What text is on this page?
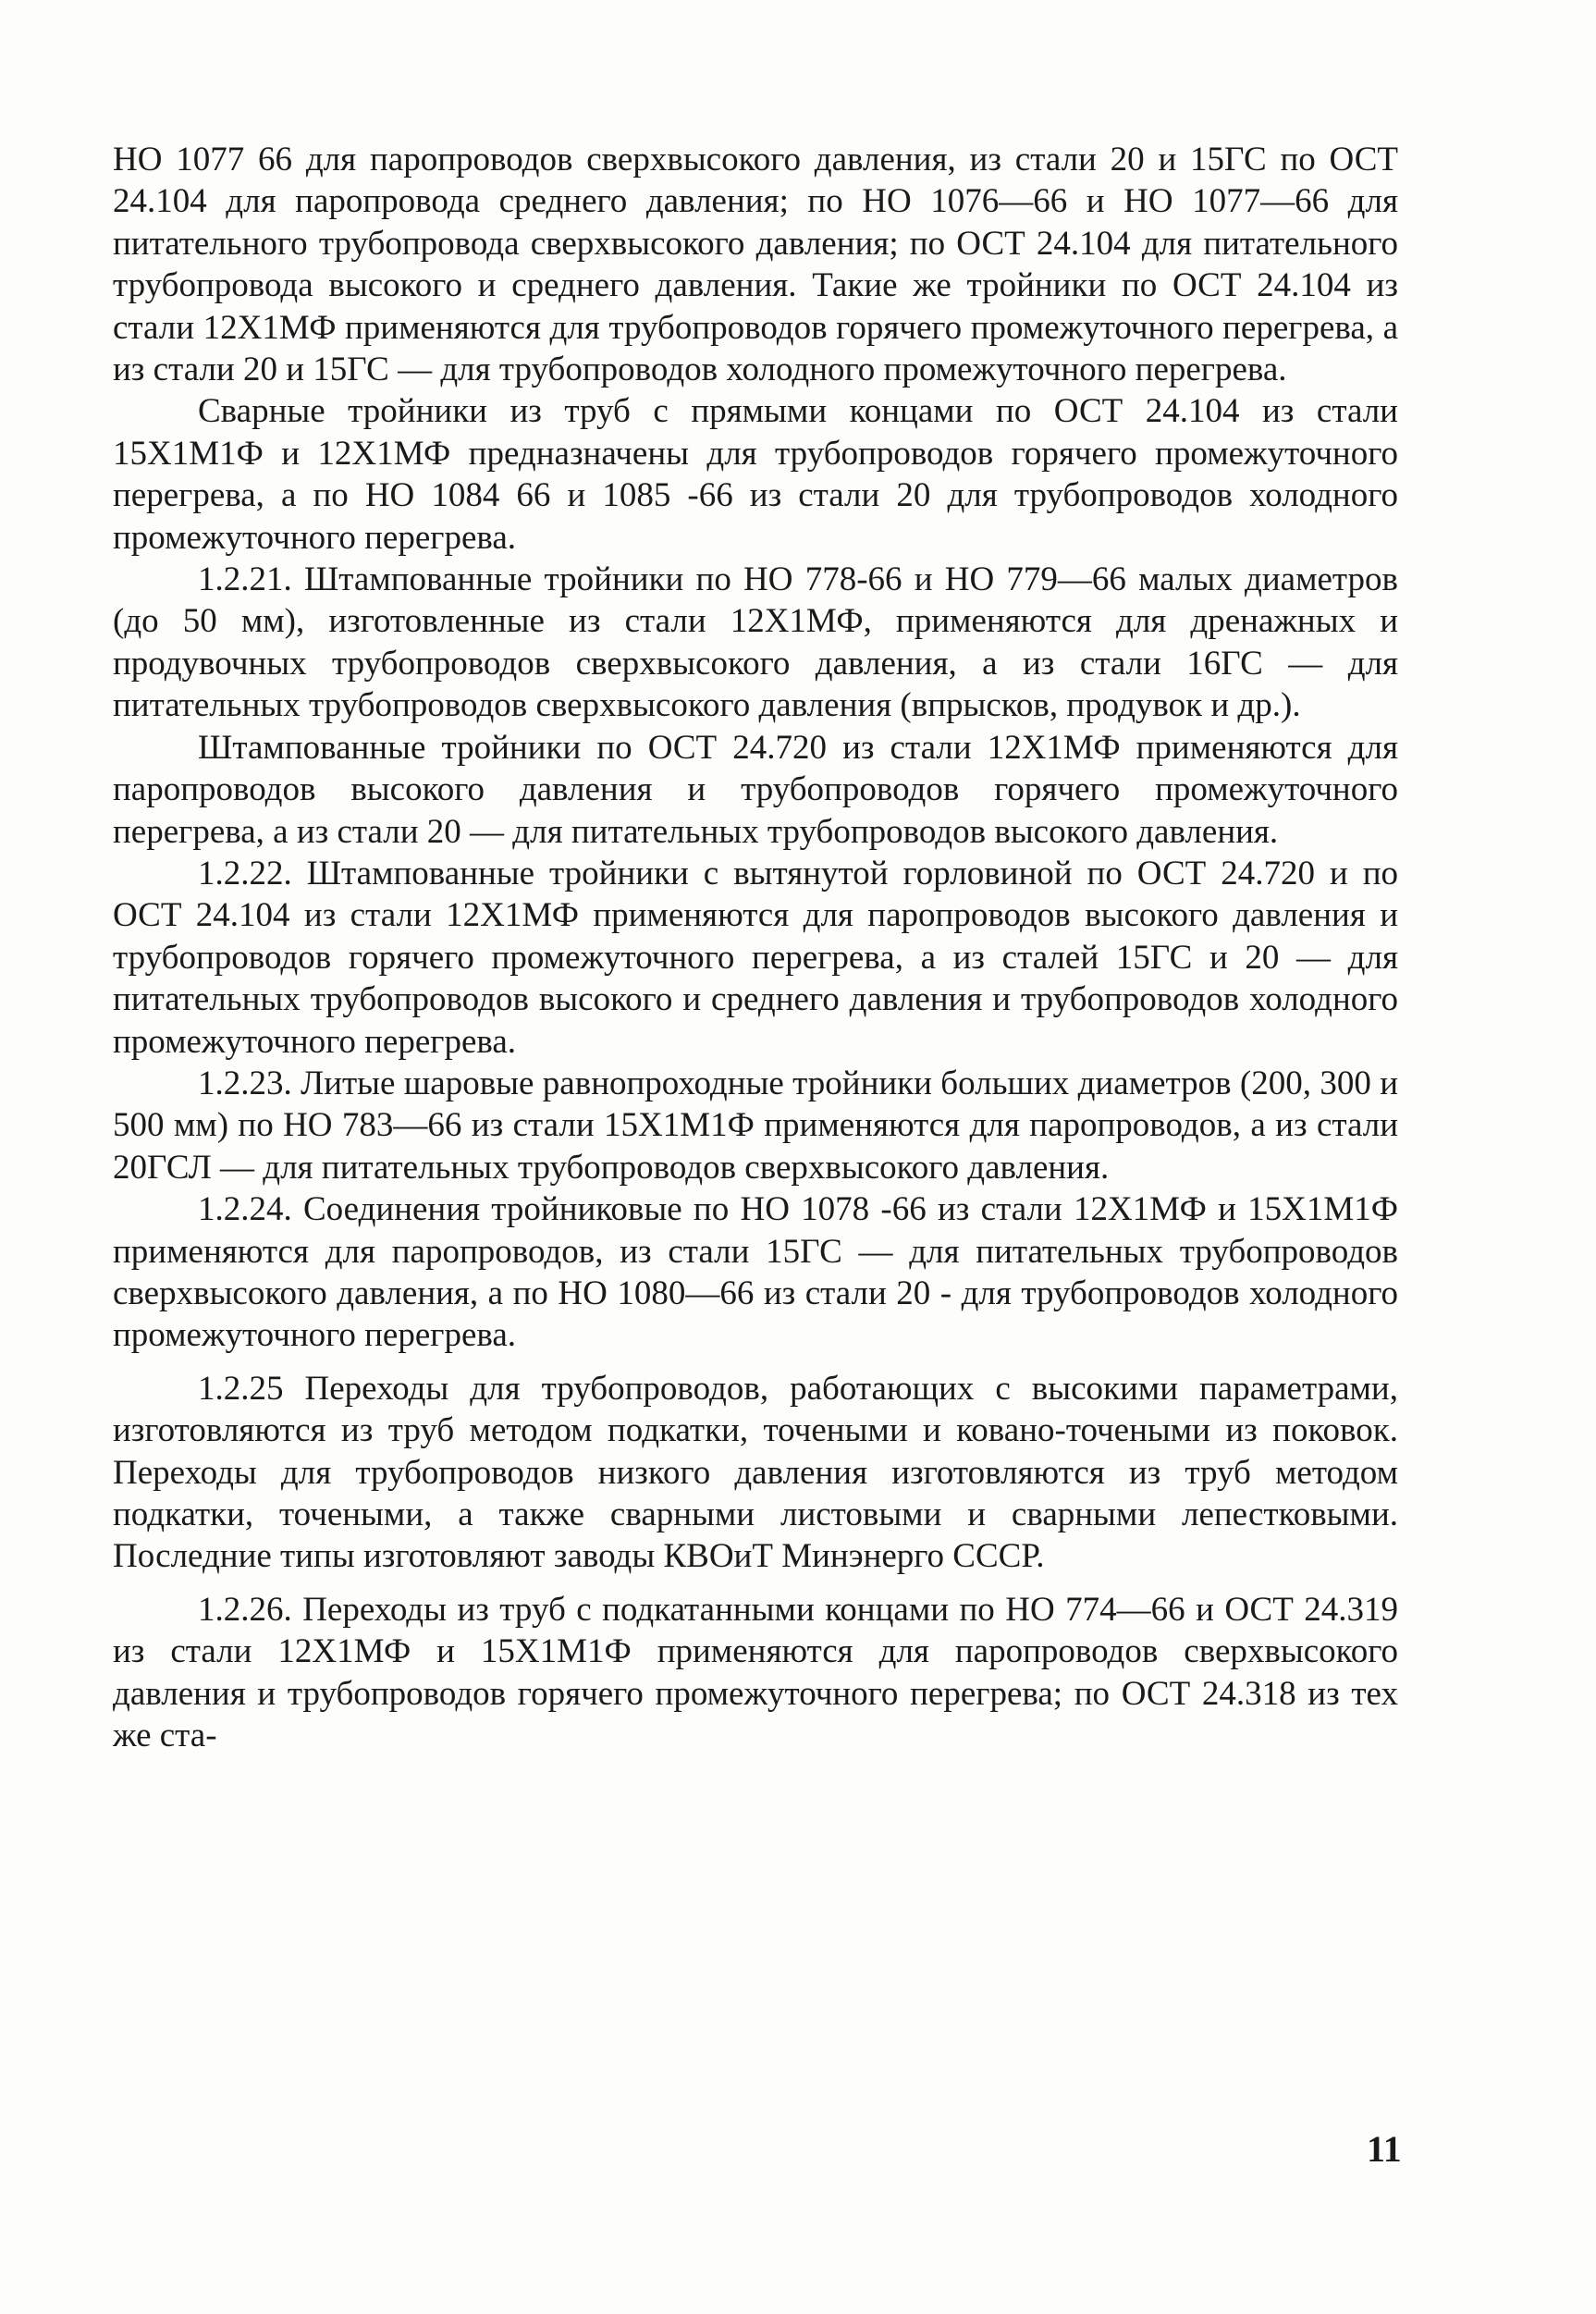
НО 1077 66 для паропроводов сверхвысокого давления, из стали 20 и 15ГС по ОСТ 24.104 для паропровода среднего давления; по НО 1076—66 и НО 1077—66 для питательного трубопровода сверхвысокого давления; по ОСТ 24.104 для питательного трубопровода высокого и среднего давления. Такие же тройники по ОСТ 24.104 из стали 12Х1МФ применяются для трубопроводов горячего промежуточного перегрева, а из стали 20 и 15ГС — для трубопроводов холодного промежуточного перегрева.

Сварные тройники из труб с прямыми концами по ОСТ 24.104 из стали 15Х1М1Ф и 12Х1МФ предназначены для трубопроводов горячего промежуточного перегрева, а по НО 1084 66 и 1085 -66 из стали 20 для трубопроводов холодного промежуточного перегрева.

1.2.21. Штампованные тройники по НО 778-66 и НО 779—66 малых диаметров (до 50 мм), изготовленные из стали 12Х1МФ, применяются для дренажных и продувочных трубопроводов сверхвысокого давления, а из стали 16ГС — для питательных трубопроводов сверхвысокого давления (впрысков, продувок и др.).

Штампованные тройники по ОСТ 24.720 из стали 12Х1МФ применяются для паропроводов высокого давления и трубопроводов горячего промежуточного перегрева, а из стали 20 — для питательных трубопроводов высокого давления.

1.2.22. Штампованные тройники с вытянутой горловиной по ОСТ 24.720 и по ОСТ 24.104 из стали 12Х1МФ применяются для паропроводов высокого давления и трубопроводов горячего промежуточного перегрева, а из сталей 15ГС и 20 — для питательных трубопроводов высокого и среднего давления и трубопроводов холодного промежуточного перегрева.

1.2.23. Литые шаровые равнопроходные тройники больших диаметров (200, 300 и 500 мм) по НО 783—66 из стали 15Х1М1Ф применяются для паропроводов, а из стали 20ГСЛ — для питательных трубопроводов сверхвысокого давления.

1.2.24. Соединения тройниковые по НО 1078 -66 из стали 12Х1МФ и 15Х1М1Ф применяются для паропроводов, из стали 15ГС — для питательных трубопроводов сверхвысокого давления, а по НО 1080—66 из стали 20 - для трубопроводов холодного промежуточного перегрева.

1.2.25 Переходы для трубопроводов, работающих с высокими параметрами, изготовляются из труб методом подкатки, точеными и ковано-точеными из поковок. Переходы для трубопроводов низкого давления изготовляются из труб методом подкатки, точеными, а также сварными листовыми и сварными лепестковыми. Последние типы изготовляют заводы КВОиТ Минэнерго СССР.

1.2.26. Переходы из труб с подкатанными концами по НО 774—66 и ОСТ 24.319 из стали 12Х1МФ и 15Х1М1Ф применяются для паропроводов сверхвысокого давления и трубопроводов горячего промежуточного перегрева; по ОСТ 24.318 из тех же ста-

11
